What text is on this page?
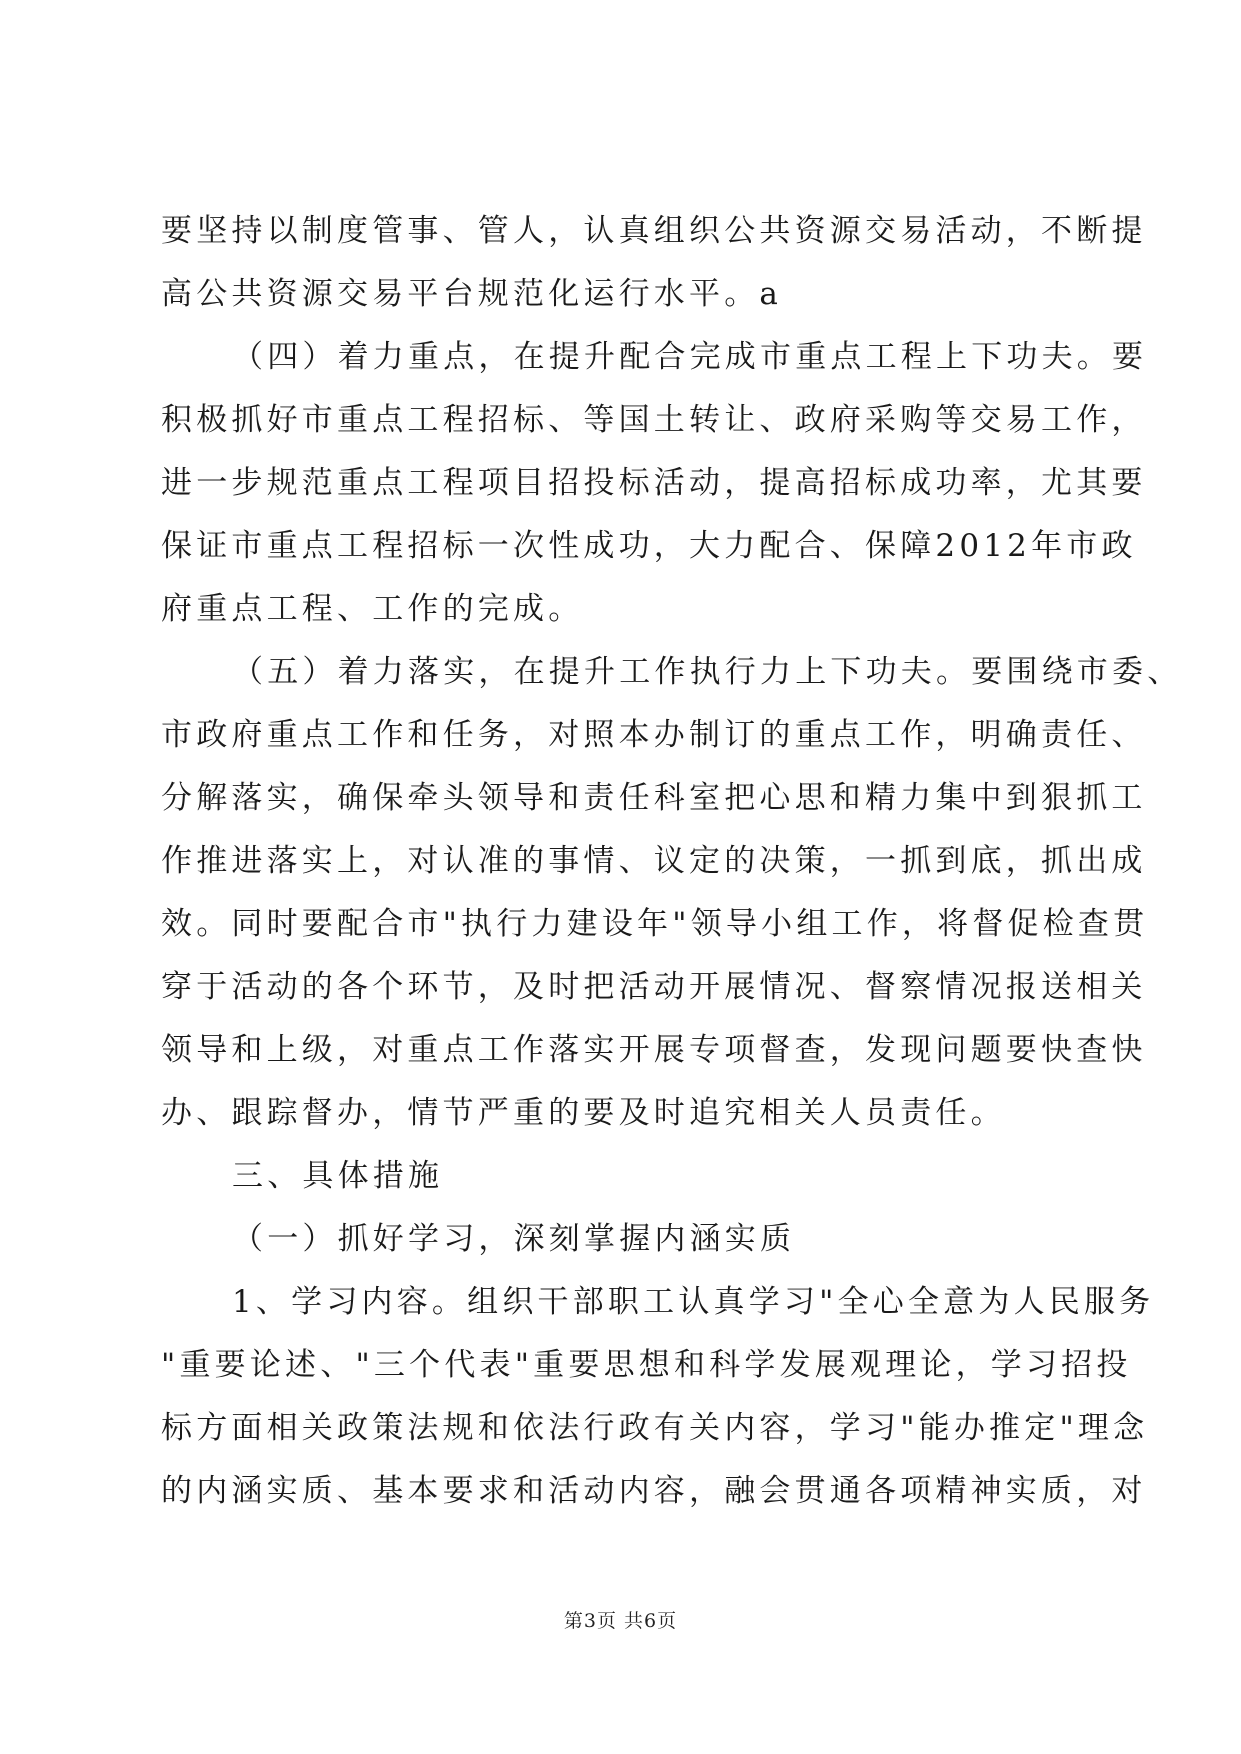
要坚持以制度管事、管人，认真组织公共资源交易活动，不断提
高公共资源交易平台规范化运行水平。a
（四）着力重点，在提升配合完成市重点工程上下功夫。要
积极抓好市重点工程招标、等国土转让、政府采购等交易工作，
进一步规范重点工程项目招投标活动，提高招标成功率，尤其要
保证市重点工程招标一次性成功，大力配合、保障2012年市政
府重点工程、工作的完成。
（五）着力落实，在提升工作执行力上下功夫。要围绕市委、
市政府重点工作和任务，对照本办制订的重点工作，明确责任、
分解落实，确保牵头领导和责任科室把心思和精力集中到狠抓工
作推进落实上，对认准的事情、议定的决策，一抓到底，抓出成
效。同时要配合市"执行力建设年"领导小组工作，将督促检查贯
穿于活动的各个环节，及时把活动开展情况、督察情况报送相关
领导和上级，对重点工作落实开展专项督查，发现问题要快查快
办、跟踪督办，情节严重的要及时追究相关人员责任。
三、具体措施
（一）抓好学习，深刻掌握内涵实质
1、学习内容。组织干部职工认真学习"全心全意为人民服务
"重要论述、"三个代表"重要思想和科学发展观理论，学习招投
标方面相关政策法规和依法行政有关内容，学习"能办推定"理念
的内涵实质、基本要求和活动内容，融会贯通各项精神实质，对
第3页 共6页
